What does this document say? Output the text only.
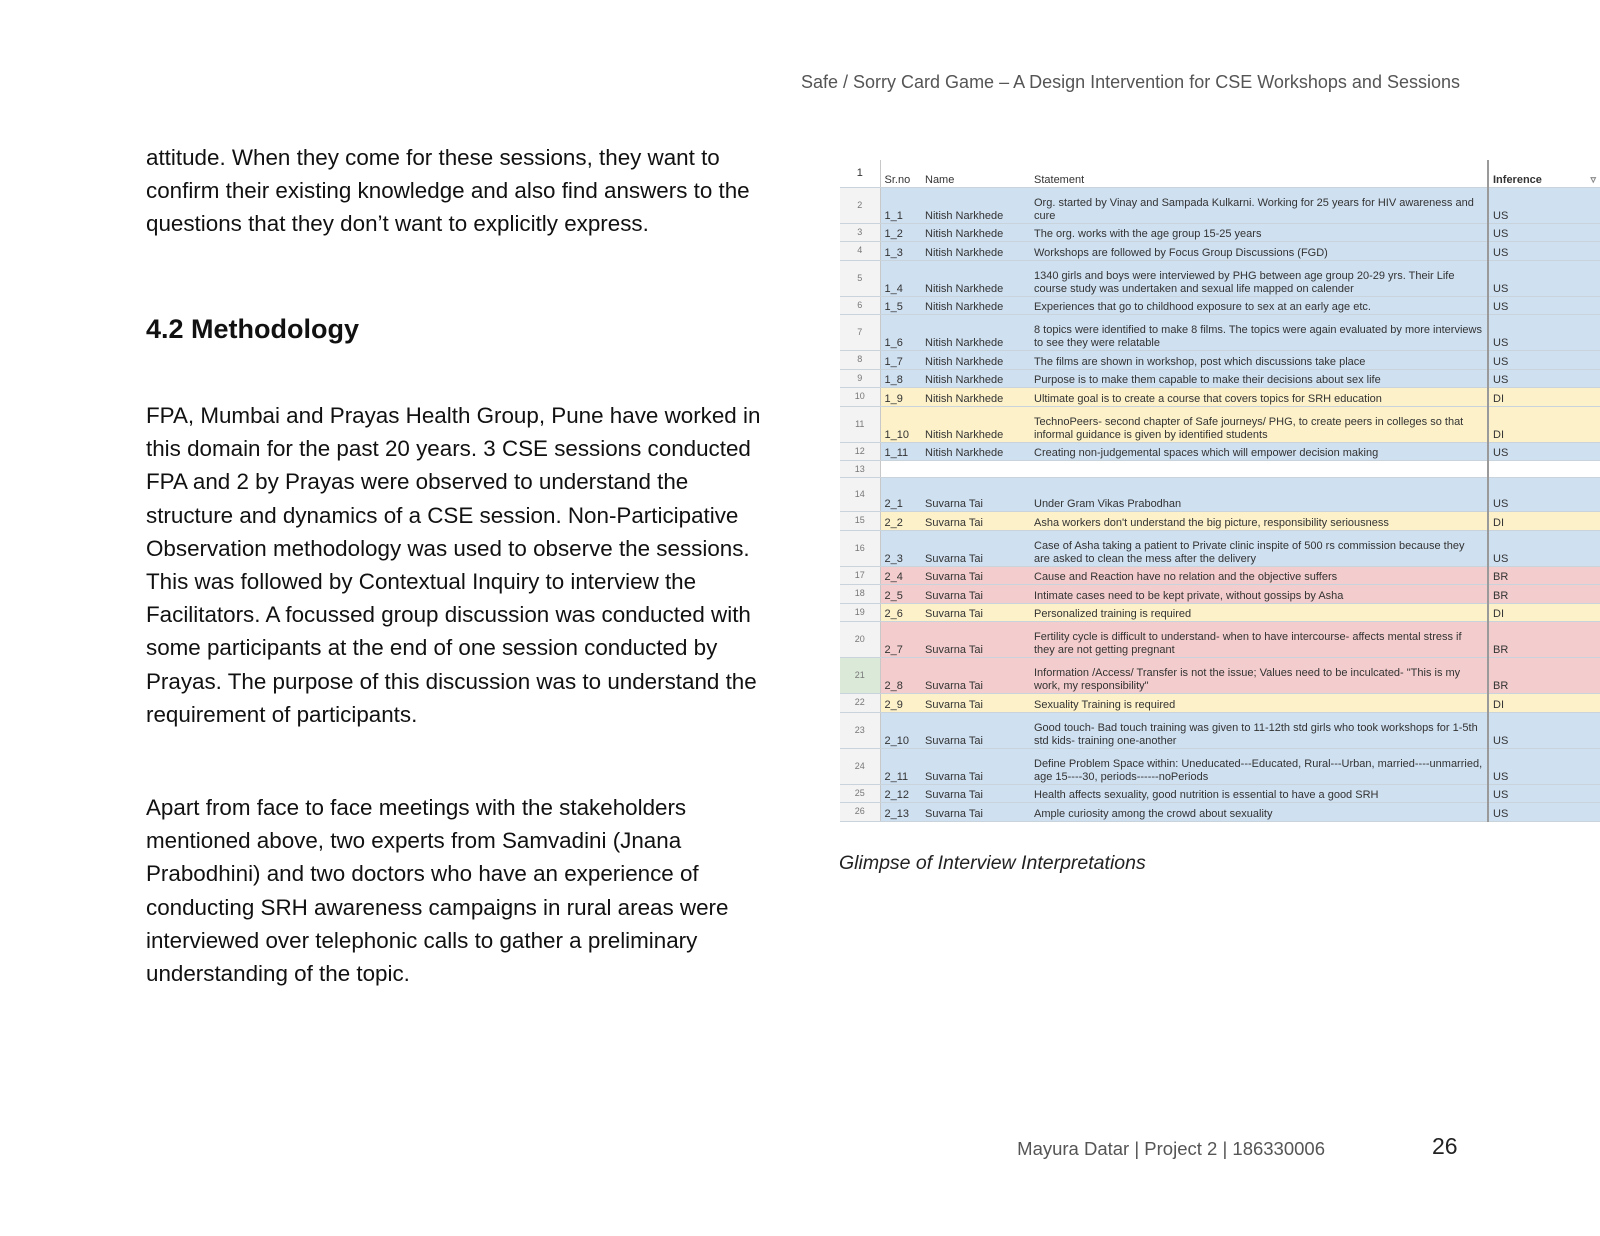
Safe / Sorry Card Game – A Design Intervention for CSE Workshops and Sessions

attitude. When they come for these sessions, they want to confirm their existing knowledge and also find answers to the questions that they don’t want to explicitly express.

4.2 Methodology

FPA, Mumbai and Prayas Health Group, Pune have worked in this domain for the past 20 years. 3 CSE sessions conducted FPA and 2 by Prayas were observed to understand the structure and dynamics of a CSE session. Non-Participative Observation methodology was used to observe the sessions. This was followed by Contextual Inquiry to interview the Facilitators. A focussed group discussion was conducted with some participants at the end of one session conducted by Prayas. The purpose of this discussion was to understand the requirement of participants.

Apart from face to face meetings with the stakeholders mentioned above, two experts from Samvadini (Jnana Prabodhini) and two doctors who have an experience of conducting SRH awareness campaigns in rural areas were interviewed over telephonic calls to gather a preliminary understanding of the topic.

1	Sr.no	Name	Statement	Inference ▿

2	1_1	Nitish Narkhede	Org. started by Vinay and Sampada Kulkarni. Working for 25 years for HIV awareness and cure	US
3	1_2	Nitish Narkhede	The org. works with the age group 15-25 years	US
4	1_3	Nitish Narkhede	Workshops are followed by Focus Group Discussions (FGD)	US
5	1_4	Nitish Narkhede	1340 girls and boys were interviewed by PHG between age group 20-29 yrs. Their Life course study was undertaken and sexual life mapped on calender	US
6	1_5	Nitish Narkhede	Experiences that go to childhood exposure to sex at an early age etc.	US
7	1_6	Nitish Narkhede	8 topics were identified to make 8 films. The topics were again evaluated by more interviews to see they were relatable	US
8	1_7	Nitish Narkhede	The films are shown in workshop, post which discussions take place	US
9	1_8	Nitish Narkhede	Purpose is to make them capable to make their decisions about sex life	US
10	1_9	Nitish Narkhede	Ultimate goal is to create a course that covers topics for SRH education	DI
11	1_10	Nitish Narkhede	TechnoPeers- second chapter of Safe journeys/ PHG, to create peers in colleges so that informal guidance is given by identified students	DI
12	1_11	Nitish Narkhede	Creating non-judgemental spaces which will empower decision making	US
13				
14	2_1	Suvarna Tai	Under Gram Vikas Prabodhan	US
15	2_2	Suvarna Tai	Asha workers don't understand the big picture, responsibility seriousness	DI
16	2_3	Suvarna Tai	Case of Asha taking a patient to Private clinic inspite of 500 rs commission because they are asked to clean the mess after the delivery	US
17	2_4	Suvarna Tai	Cause and Reaction have no relation and the objective suffers	BR
18	2_5	Suvarna Tai	Intimate cases need to be kept private, without gossips by Asha	BR
19	2_6	Suvarna Tai	Personalized training is required	DI
20	2_7	Suvarna Tai	Fertility cycle is difficult to understand- when to have intercourse- affects mental stress if they are not getting pregnant	BR
21	2_8	Suvarna Tai	Information /Access/ Transfer is not the issue; Values need to be inculcated- "This is my work, my responsibility"	BR
22	2_9	Suvarna Tai	Sexuality Training is required	DI
23	2_10	Suvarna Tai	Good touch- Bad touch training was given to 11-12th std girls who took workshops for 1-5th std kids- training one-another	US
24	2_11	Suvarna Tai	Define Problem Space within: Uneducated---Educated, Rural---Urban, married----unmarried, age 15----30, periods------noPeriods	US
25	2_12	Suvarna Tai	Health affects sexuality, good nutrition is essential to have a good SRH	US
26	2_13	Suvarna Tai	Ample curiosity among the crowd about sexuality	US
Glimpse of Interview Interpretations
Mayura Datar | Project 2 | 186330006	26
